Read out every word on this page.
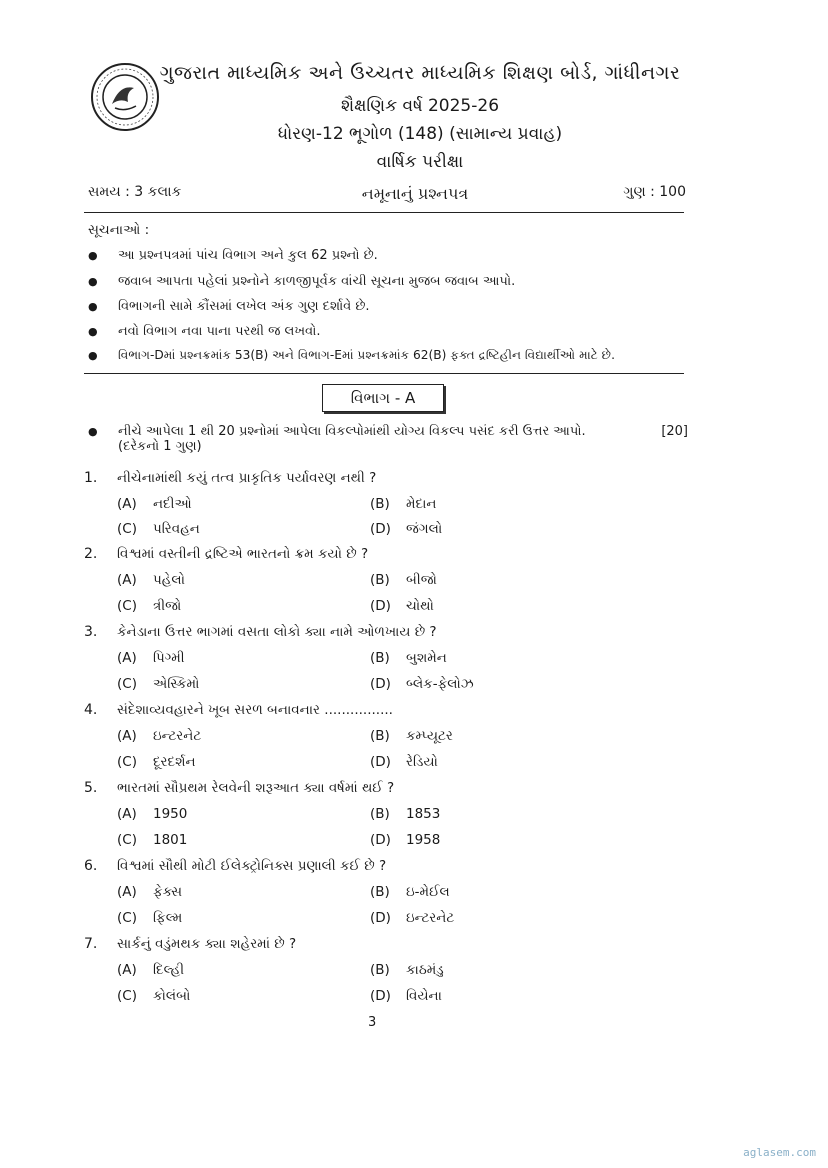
ગુજરાત માધ્યમિક અને ઉચ્ચતર માધ્યમિક શિક્ષણ બોર્ડ, ગાંધીનગર
શૈક્ષણિક વર્ષ 2025-26
ધોરણ-12 ભૂગોળ (148) (સામાન્ય પ્રવાહ)
વાર્ષિક પરીક્ષા
સમય : 3 કલાક	નમૂનાનું પ્રશ્નપત્ર	ગુણ : 100
સૂચનાઓ :
● આ પ્રશ્નપત્રમાં પાંચ વિભાગ અને કુલ 62 પ્રશ્નો છે.
● જવાબ આપતા પહેલાં પ્રશ્નોને કાળજીપૂર્વક વાંચી સૂચના મુજબ જવાબ આપો.
● વિભાગની સામે કૌંસમાં લખેલ અંક ગુણ દર્શાવે છે.
● નવો વિભાગ નવા પાના પરથી જ લખવો.
● વિભાગ-Dમાં પ્રશ્નક્રમાંક 53(B) અને વિભાગ-Eમાં પ્રશ્નક્રમાંક 62(B) ફક્ત દ્રષ્ટિહીન વિદ્યાર્થીઓ માટે છે.
વિભાગ - A
● નીચે આપેલા 1 થી 20 પ્રશ્નોમાં આપેલા વિકલ્પોમાંથી યોગ્ય વિકલ્પ પસંદ કરી ઉત્તર આપો.	[20]
(દરેકનો 1 ગુણ)
1. નીચેનામાંથી કયું તત્વ પ્રાકૃતિક પર્યાવરણ નથી ?
(A) નદીઓ	(B) મેદાન
(C) પરિવહન	(D) જંગલો
2. વિશ્વમાં વસ્તીની દ્રષ્ટિએ ભારતનો ક્રમ કયો છે ?
(A) પહેલો	(B) બીજો
(C) ત્રીજો	(D) ચોથો
3. કેનેડાના ઉત્તર ભાગમાં વસતા લોકો ક્યા નામે ઓળખાય છે ?
(A) પિગ્મી	(B) બુશમેન
(C) એસ્કિમો	(D) બ્લેક-ફેલોઝ
4. સંદેશાવ્યવહારને ખૂબ સરળ બનાવનાર ................
(A) ઇન્ટરનેટ	(B) કમ્પ્યૂટર
(C) દૂરદર્શન	(D) રેડિયો
5. ભારતમાં સૌપ્રથમ રેલવેની શરૂઆત ક્યા વર્ષમાં થઈ ?
(A) 1950	(B) 1853
(C) 1801	(D) 1958
6. વિશ્વમાં સૌથી મોટી ઈલેક્ટ્રોનિક્સ પ્રણાલી કઈ છે ?
(A) ફેક્સ	(B) ઇ-મેઈલ
(C) ફિલ્મ	(D) ઇન્ટરનેટ
7. સાર્કનું વડુંમથક ક્યા શહેરમાં છે ?
(A) દિલ્હી	(B) કાઠમંડુ
(C) કોલંબો	(D) વિયેના
3
aglasem.com
